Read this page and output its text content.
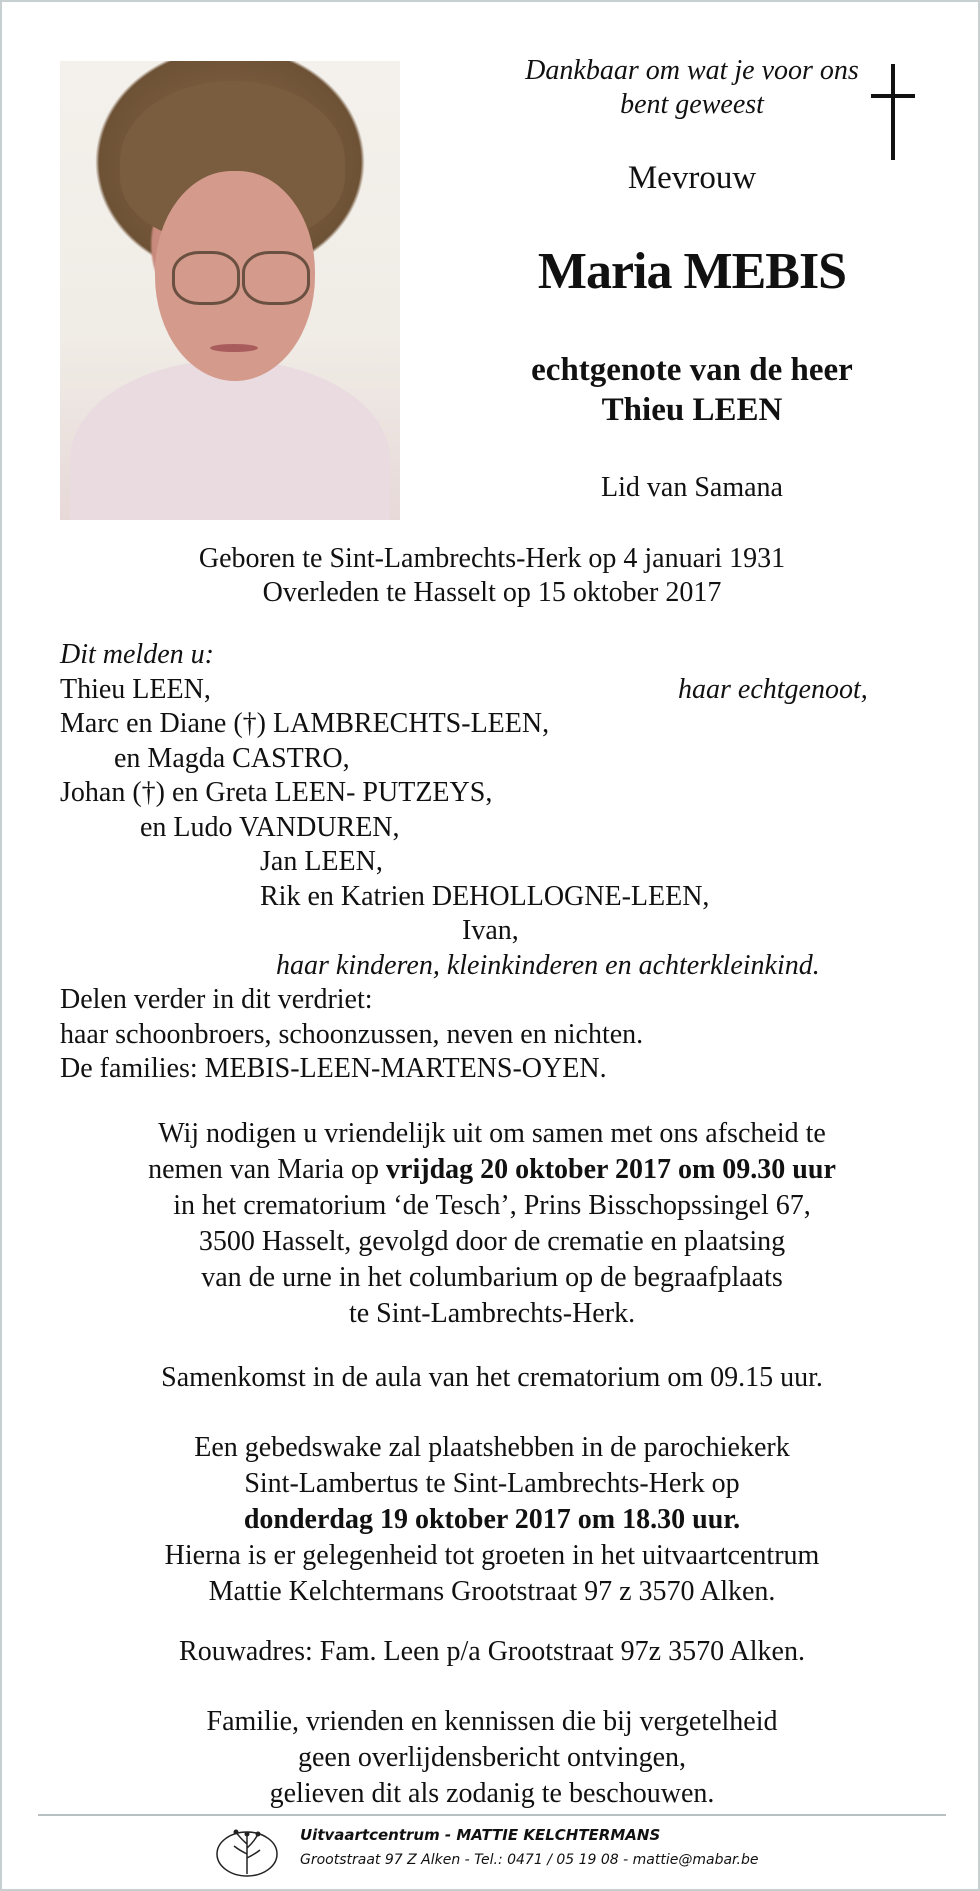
Dankbaar om wat je voor ons
bent geweest
Mevrouw
Maria MEBIS
echtgenote van de heer
Thieu LEEN
Lid van Samana
Geboren te Sint-Lambrechts-Herk op 4 januari 1931
Overleden te Hasselt op 15 oktober 2017
Dit melden u:
Thieu LEEN,	haar echtgenoot,
Marc en Diane (†) LAMBRECHTS-LEEN,
en Magda CASTRO,
Johan (†) en Greta LEEN- PUTZEYS,
en Ludo VANDUREN,
Jan LEEN,
Rik en Katrien DEHOLLOGNE-LEEN,
Ivan,
haar kinderen, kleinkinderen en achterkleinkind.
Delen verder in dit verdriet:
haar schoonbroers, schoonzussen, neven en nichten.
De families: MEBIS-LEEN-MARTENS-OYEN.
Wij nodigen u vriendelijk uit om samen met ons afscheid te
nemen van Maria op vrijdag 20 oktober 2017 om 09.30 uur
in het crematorium ‘de Tesch’, Prins Bisschopssingel 67,
3500 Hasselt, gevolgd door de crematie en plaatsing
van de urne in het columbarium op de begraafplaats
te Sint-Lambrechts-Herk.
Samenkomst in de aula van het crematorium om 09.15 uur.
Een gebedswake zal plaatshebben in de parochiekerk
Sint-Lambertus te Sint-Lambrechts-Herk op
donderdag 19 oktober 2017 om 18.30 uur.
Hierna is er gelegenheid tot groeten in het uitvaartcentrum
Mattie Kelchtermans Grootstraat 97 z 3570 Alken.
Rouwadres: Fam. Leen p/a Grootstraat 97z 3570 Alken.
Familie, vrienden en kennissen die bij vergetelheid
geen overlijdensbericht ontvingen,
gelieven dit als zodanig te beschouwen.
Uitvaartcentrum - MATTIE KELCHTERMANS
Grootstraat 97 Z Alken - Tel.: 0471 / 05 19 08 - mattie@mabar.be
